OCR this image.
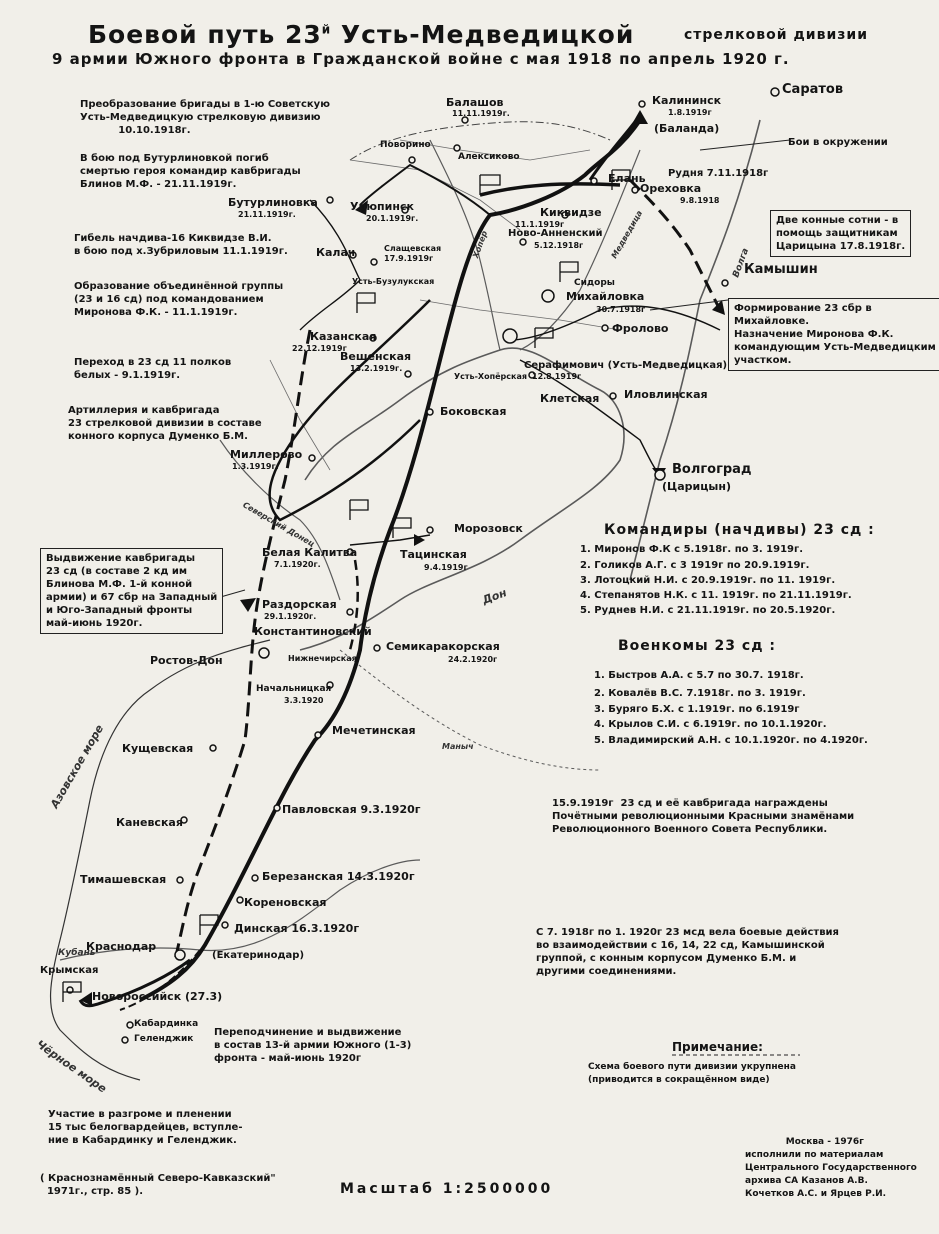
Боевой путь $23^й$ Усть-Медведицкой	стрелковой дивизии
9 армии Южного фронта в Гражданской войне с мая 1918 по апрель 1920 г.
Преобразование бригады в 1-ю Советскую
Усть-Медведицкую стрелковую дивизию
10.10.1918г.
В бою под Бутурлиновкой погиб
смертью героя командир кавбригады
Блинов М.Ф. - 21.11.1919г.
Гибель начдива-16 Киквидзе В.И.
в бою под х.Зубриловым 11.1.1919г.
Образование объединённой группы
(23 и 16 сд) под командованием
Миронова Ф.К. - 11.1.1919г.
Переход в 23 сд 11 полков
белых - 9.1.1919г.
Артиллерия и кавбригада
23 стрелковой дивизии в составе
конного корпуса Думенко Б.М.
Бои в окружении
Две конные сотни - в
помощь защитникам
Царицына 17.8.1918г.
Формирование 23 сбр в
Михайловке.
Назначение Миронова Ф.К.
командующим Усть-Медведицким
участком.
Выдвижение кавбригады
23 сд (в составе 2 кд им
Блинова М.Ф. 1-й конной
армии) и 67 сбр на Западный
и Юго-Западный фронты
май-июнь 1920г.
15.9.1919г  23 сд и её кавбригада награждены
Почётными революционными Красными знамёнами
Революционного Военного Совета Республики.
С 7. 1918г по 1. 1920г 23 мсд вела боевые действия
во взаимодействии с 16, 14, 22 сд, Камышинской
группой, с конным корпусом Думенко Б.М. и
другими соединениями.
Переподчинение и выдвижение
в состав 13-й армии Южного (1-3)
фронта - май-июнь 1920г
Участие в разгроме и пленении
15 тыс белогвардейцев, вступле-
ние в Кабардинку и Геленджик.
( Краснознамённый Северо-Кавказский"
1971г., стр. 85 ).
Примечание:
Схема боевого пути дивизии укрупнена
(приводится в сокращённом виде)
Москва - 1976г
исполнили по материалам
Центрального Государственного
архива СА Казанов А.В.
Кочетков А.С. и Ярцев Р.И.
Командиры (начдивы) 23 сд :
1. Миронов Ф.К с 5.1918г. по 3. 1919г.
2. Голиков А.Г. с 3 1919г по 20.9.1919г.
3. Лотоцкий Н.И. с 20.9.1919г. по 11. 1919г.
4. Степанятов Н.К. с 11. 1919г. по 21.11.1919г.
5. Руднев Н.И. с 21.11.1919г. по 20.5.1920г.
Военкомы 23 сд :
1. Быстров А.А. с 5.7 по 30.7. 1918г.
2. Ковалёв В.С. 7.1918г. по 3. 1919г.
3. Буряго Б.Х. с 1.1919г. по 6.1919г
4. Крылов С.И. с 6.1919г. по 10.1.1920г.
5. Владимирский А.Н. с 10.1.1920г. по 4.1920г.
Масштаб 1:2500000
Саратов
Калининск
1.8.1919г
(Баланда)
Балашов
11.11.1919г.
Поворино
Алексиково
Елань Рудня 7.11.1918г
Ореховка
9.8.1918
Бутурлиновка
21.11.1919г.
Урюпинск
20.1.1919г.	Киквидзе
11.1.1919г
Ново-Анненский
5.12.1918г
Камышин
Калач	Слащевская
17.9.1919г
Усть-Бузулукская	Сидоры
Михайловка
30.7.1918г
Казанская
22.12.1919г
Вешенская
13.2.1919г.
Фролово
Серафимович (Усть-Медведицкая)
12.8.1919г
Клетская Иловлинская
Боковская
Усть-Хопёрская
Волгоград
(Царицын)
Миллерово
1.3.1919г.
Морозовск
Тацинская
9.4.1919г
Белая Калитва
7.1.1920г.
Раздорская
29.1.1920г.
Константиновский
Семикаракорская
24.2.1920г
Ростов-Дон	Нижнечирская
Начальницкая
3.3.1920
Мечетинская
Кущевская
Павловская 9.3.1920г
Каневская
Тимашевская	Березанская 14.3.1920г
Кореновская
Динская 16.3.1920г
Краснодар
(Екатеринодар)
Крымская
Новороссийск (27.3)
Кабардинка
Геленджик
Азовское море
Чёрное море
Дон
Волга
Кубань
Маныч
Хопёр	Медведица
Северский Донец
